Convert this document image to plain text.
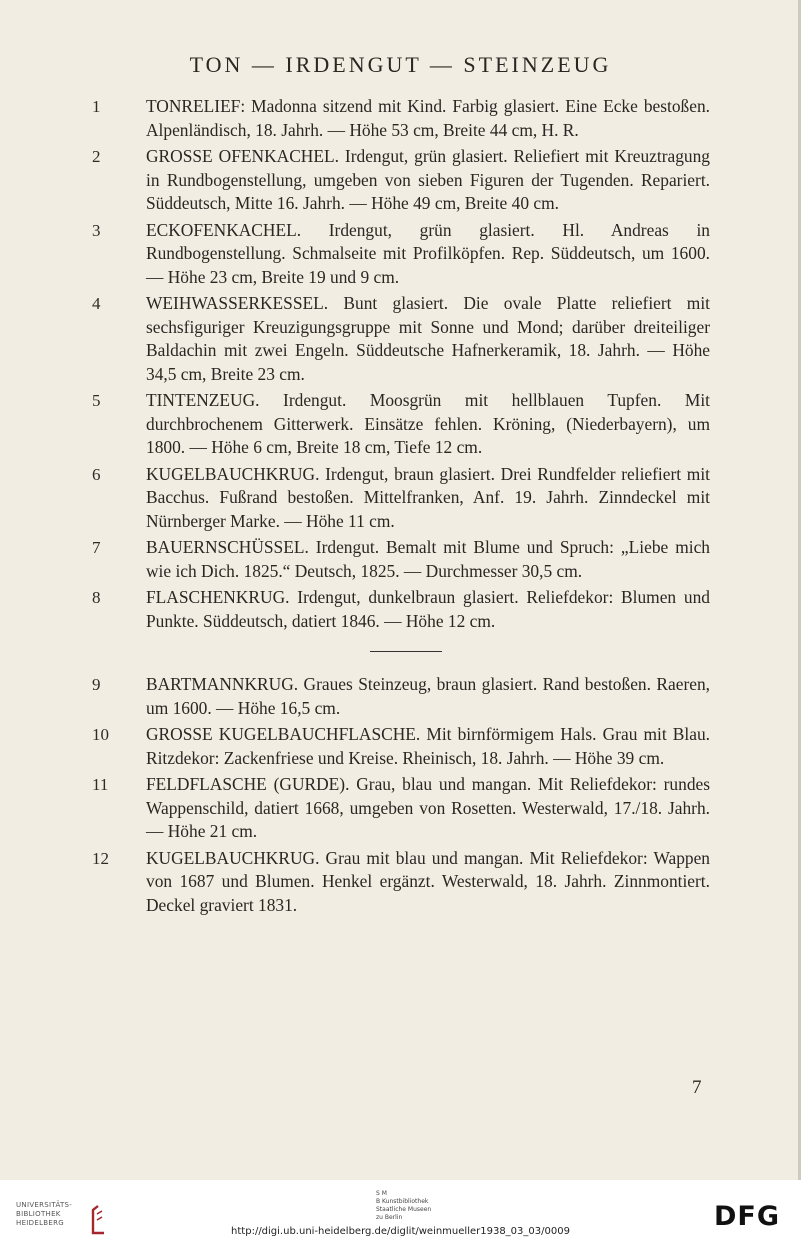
TON — IRDENGUT — STEINZEUG
1	TONRELIEF: Madonna sitzend mit Kind. Farbig glasiert. Eine Ecke bestoßen. Alpenländisch, 18. Jahrh. — Höhe 53 cm, Breite 44 cm, H. R.

2	GROSSE OFENKACHEL. Irdengut, grün glasiert. Reliefiert mit Kreuztragung in Rundbogenstellung, umgeben von sieben Figuren der Tugenden. Repariert. Süddeutsch, Mitte 16. Jahrh. — Höhe 49 cm, Breite 40 cm.

3	ECKOFENKACHEL. Irdengut, grün glasiert. Hl. Andreas in Rundbogenstellung. Schmalseite mit Profilköpfen. Rep. Süddeutsch, um 1600. — Höhe 23 cm, Breite 19 und 9 cm.

4	WEIHWASSERKESSEL. Bunt glasiert. Die ovale Platte reliefiert mit sechsfiguriger Kreuzigungsgruppe mit Sonne und Mond; darüber dreiteiliger Baldachin mit zwei Engeln. Süddeutsche Hafnerkeramik, 18. Jahrh. — Höhe 34,5 cm, Breite 23 cm.

5	TINTENZEUG. Irdengut. Moosgrün mit hellblauen Tupfen. Mit durchbrochenem Gitterwerk. Einsätze fehlen. Kröning, (Niederbayern), um 1800. — Höhe 6 cm, Breite 18 cm, Tiefe 12 cm.

6	KUGELBAUCHKRUG. Irdengut, braun glasiert. Drei Rundfelder reliefiert mit Bacchus. Fußrand bestoßen. Mittelfranken, Anf. 19. Jahrh. Zinndeckel mit Nürnberger Marke. — Höhe 11 cm.

7	BAUERNSCHÜSSEL. Irdengut. Bemalt mit Blume und Spruch: „Liebe mich wie ich Dich. 1825.“ Deutsch, 1825. — Durchmesser 30,5 cm.

8	FLASCHENKRUG. Irdengut, dunkelbraun glasiert. Reliefdekor: Blumen und Punkte. Süddeutsch, datiert 1846. — Höhe 12 cm.

9	BARTMANNKRUG. Graues Steinzeug, braun glasiert. Rand bestoßen. Raeren, um 1600. — Höhe 16,5 cm.

10	GROSSE KUGELBAUCHFLASCHE. Mit birnförmigem Hals. Grau mit Blau. Ritzdekor: Zackenfriese und Kreise. Rheinisch, 18. Jahrh. — Höhe 39 cm.

11	FELDFLASCHE (GURDE). Grau, blau und mangan. Mit Reliefdekor: rundes Wappenschild, datiert 1668, umgeben von Rosetten. Westerwald, 17./18. Jahrh. — Höhe 21 cm.

12	KUGELBAUCHKRUG. Grau mit blau und mangan. Mit Reliefdekor: Wappen von 1687 und Blumen. Henkel ergänzt. Westerwald, 18. Jahrh. Zinnmontiert. Deckel graviert 1831.

7
UNIVERSITÄTS-
BIBLIOTHEK
HEIDELBERG
S M
B Kunstbibliothek
Staatliche Museen
zu Berlin	DFG
http://digi.ub.uni-heidelberg.de/diglit/weinmueller1938_03_03/0009
